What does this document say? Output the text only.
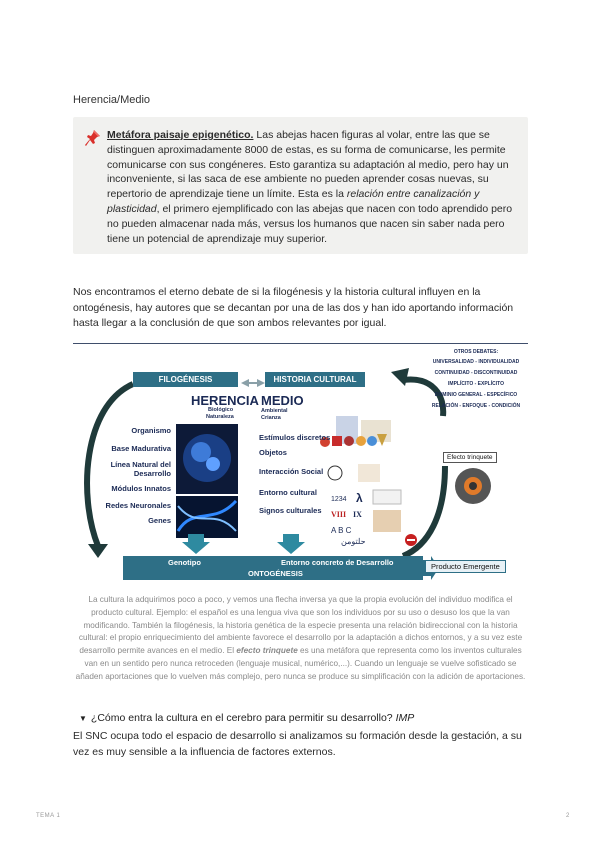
Herencia/Medio
Metáfora paisaje epigenético. Las abejas hacen figuras al volar, entre las que se distinguen aproximadamente 8000 de estas, es su forma de comunicarse, les permite comunicarse con sus congéneres. Esto garantiza su adaptación al medio, pero hay un inconveniente, si las saca de ese ambiente no pueden aprender cosas nuevas, su repertorio de aprendizaje tiene un límite. Esta es la relación entre canalización y plasticidad, el primero ejemplificado con las abejas que nacen con todo aprendido pero no pueden almacenar nada más, versus los humanos que nacen sin saber nada pero tiene un potencial de aprendizaje muy superior.
Nos encontramos el eterno debate de si la filogénesis y la historia cultural influyen en la ontogénesis, hay autores que se decantan por una de las dos y han ido aportando información hasta llegar a la conclusión de que son ambos relevantes por igual.
FILOGÉNESIS	HISTORIA CULTURAL
HERENCIA
Biológico
Naturaleza
MEDIO
Ambiental
Crianza
Organismo
Base Madurativa
Línea Natural del Desarrollo
Módulos Innatos
Redes Neuronales
Genes
Estímulos discretos
Objetos
Interacción Social
Entorno cultural
Signos culturales
1234 λ
VIII IX
A B C
حلتومن
OTROS DEBATES:
UNIVERSALIDAD - INDIVIDUALIDAD
CONTINUIDAD - DISCONTINUIDAD
IMPLÍCITO - EXPLÍCITO
DOMINIO GENERAL - ESPECÍFICO
RELACIÓN - ENFOQUE - CONDICIÓN
Efecto trinquete
Genotipo	Entorno concreto de Desarrollo
ONTOGÉNESIS
Producto Emergente
La cultura la adquirimos poco a poco, y vemos una flecha inversa ya que la propia evolución del individuo modifica el producto cultural. Ejemplo: el español es una lengua viva que son los individuos por su uso o desuso los que la van modificando. También la filogénesis, la historia genética de la especie presenta una relación bidireccional con la historia cultural: el propio enriquecimiento del ambiente favorece el desarrollo por la adaptación a dichos entornos, y a su vez este desarrollo permite avances en el medio. El efecto trinquete es una metáfora que representa como los inventos culturales van en un sentido pero nunca retroceden (lenguaje musical, numérico,...). Cuando un lenguaje se vuelve sofisticado se añaden aportaciones que lo vuelven más complejo, pero nunca se produce su simplificación con la adición de aportaciones.
▼ ¿Cómo entra la cultura en el cerebro para permitir su desarrollo? IMP
El SNC ocupa todo el espacio de desarrollo si analizamos su formación desde la gestación, a su vez es muy sensible a la influencia de factores externos.
TEMA 1	2
